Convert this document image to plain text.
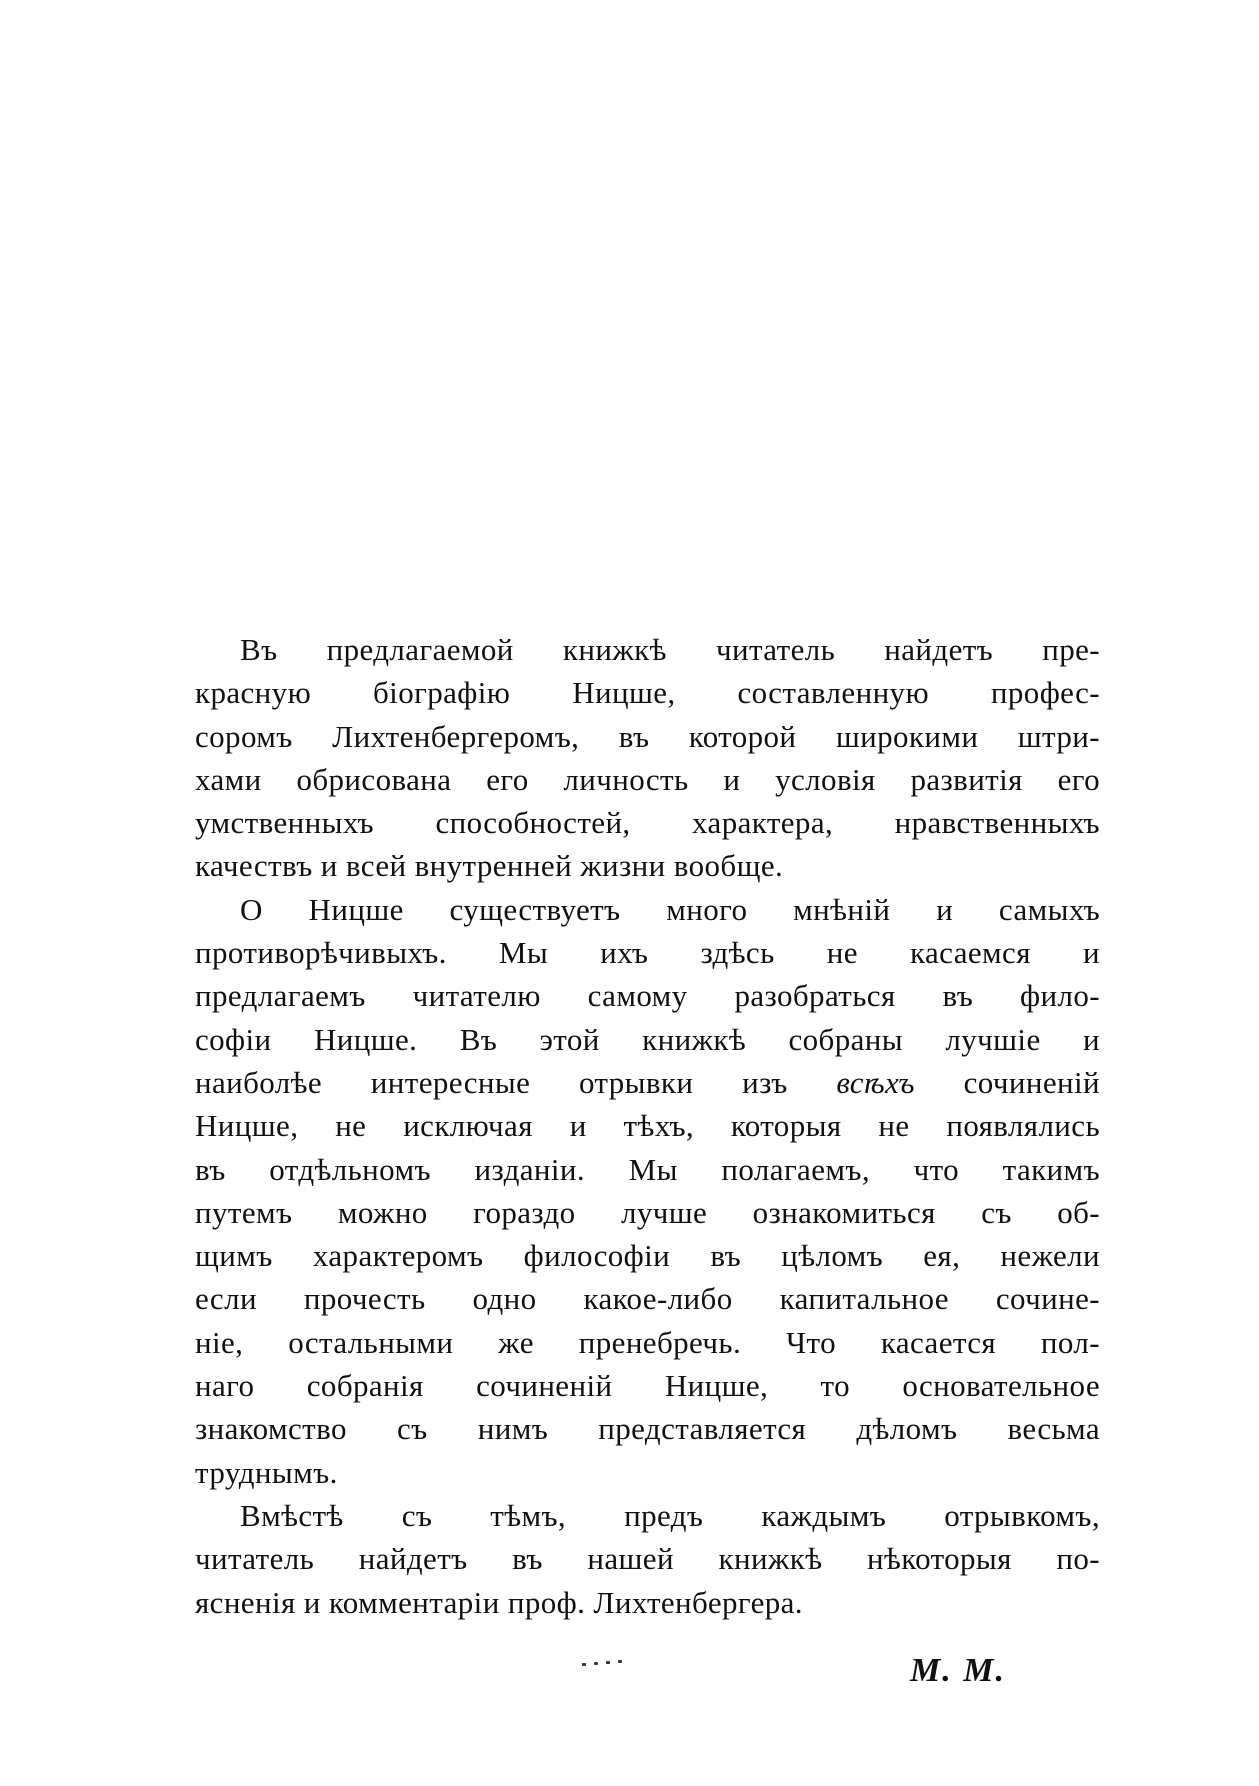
Въ предлагаемой книжкѣ читатель найдетъ пре-
красную біографію Ницше, составленную профес-
соромъ Лихтенбергеромъ, въ которой широкими штри-
хами обрисована его личность и условія развитія его
умственныхъ способностей, характера, нравственныхъ
качествъ и всей внутренней жизни вообще.
О Ницше существуетъ много мнѣній и самыхъ
противорѣчивыхъ. Мы ихъ здѣсь не касаемся и
предлагаемъ читателю самому разобраться въ фило-
софіи Ницше. Въ этой книжкѣ собраны лучшіе и
наиболѣе интересные отрывки изъ всѣхъ сочиненій
Ницше, не исключая и тѣхъ, которыя не появлялись
въ отдѣльномъ изданіи. Мы полагаемъ, что такимъ
путемъ можно гораздо лучше ознакомиться съ об-
щимъ характеромъ философіи въ цѣломъ ея, нежели
если прочесть одно какое-либо капитальное сочине-
ніе, остальными же пренебречь. Что касается пол-
наго собранія сочиненій Ницше, то основательное
знакомство съ нимъ представляется дѣломъ весьма
труднымъ.
Вмѣстѣ съ тѣмъ, предъ каждымъ отрывкомъ,
читатель найдетъ въ нашей книжкѣ нѣкоторыя по-
ясненія и комментаріи проф. Лихтенбергера.
М. М.
